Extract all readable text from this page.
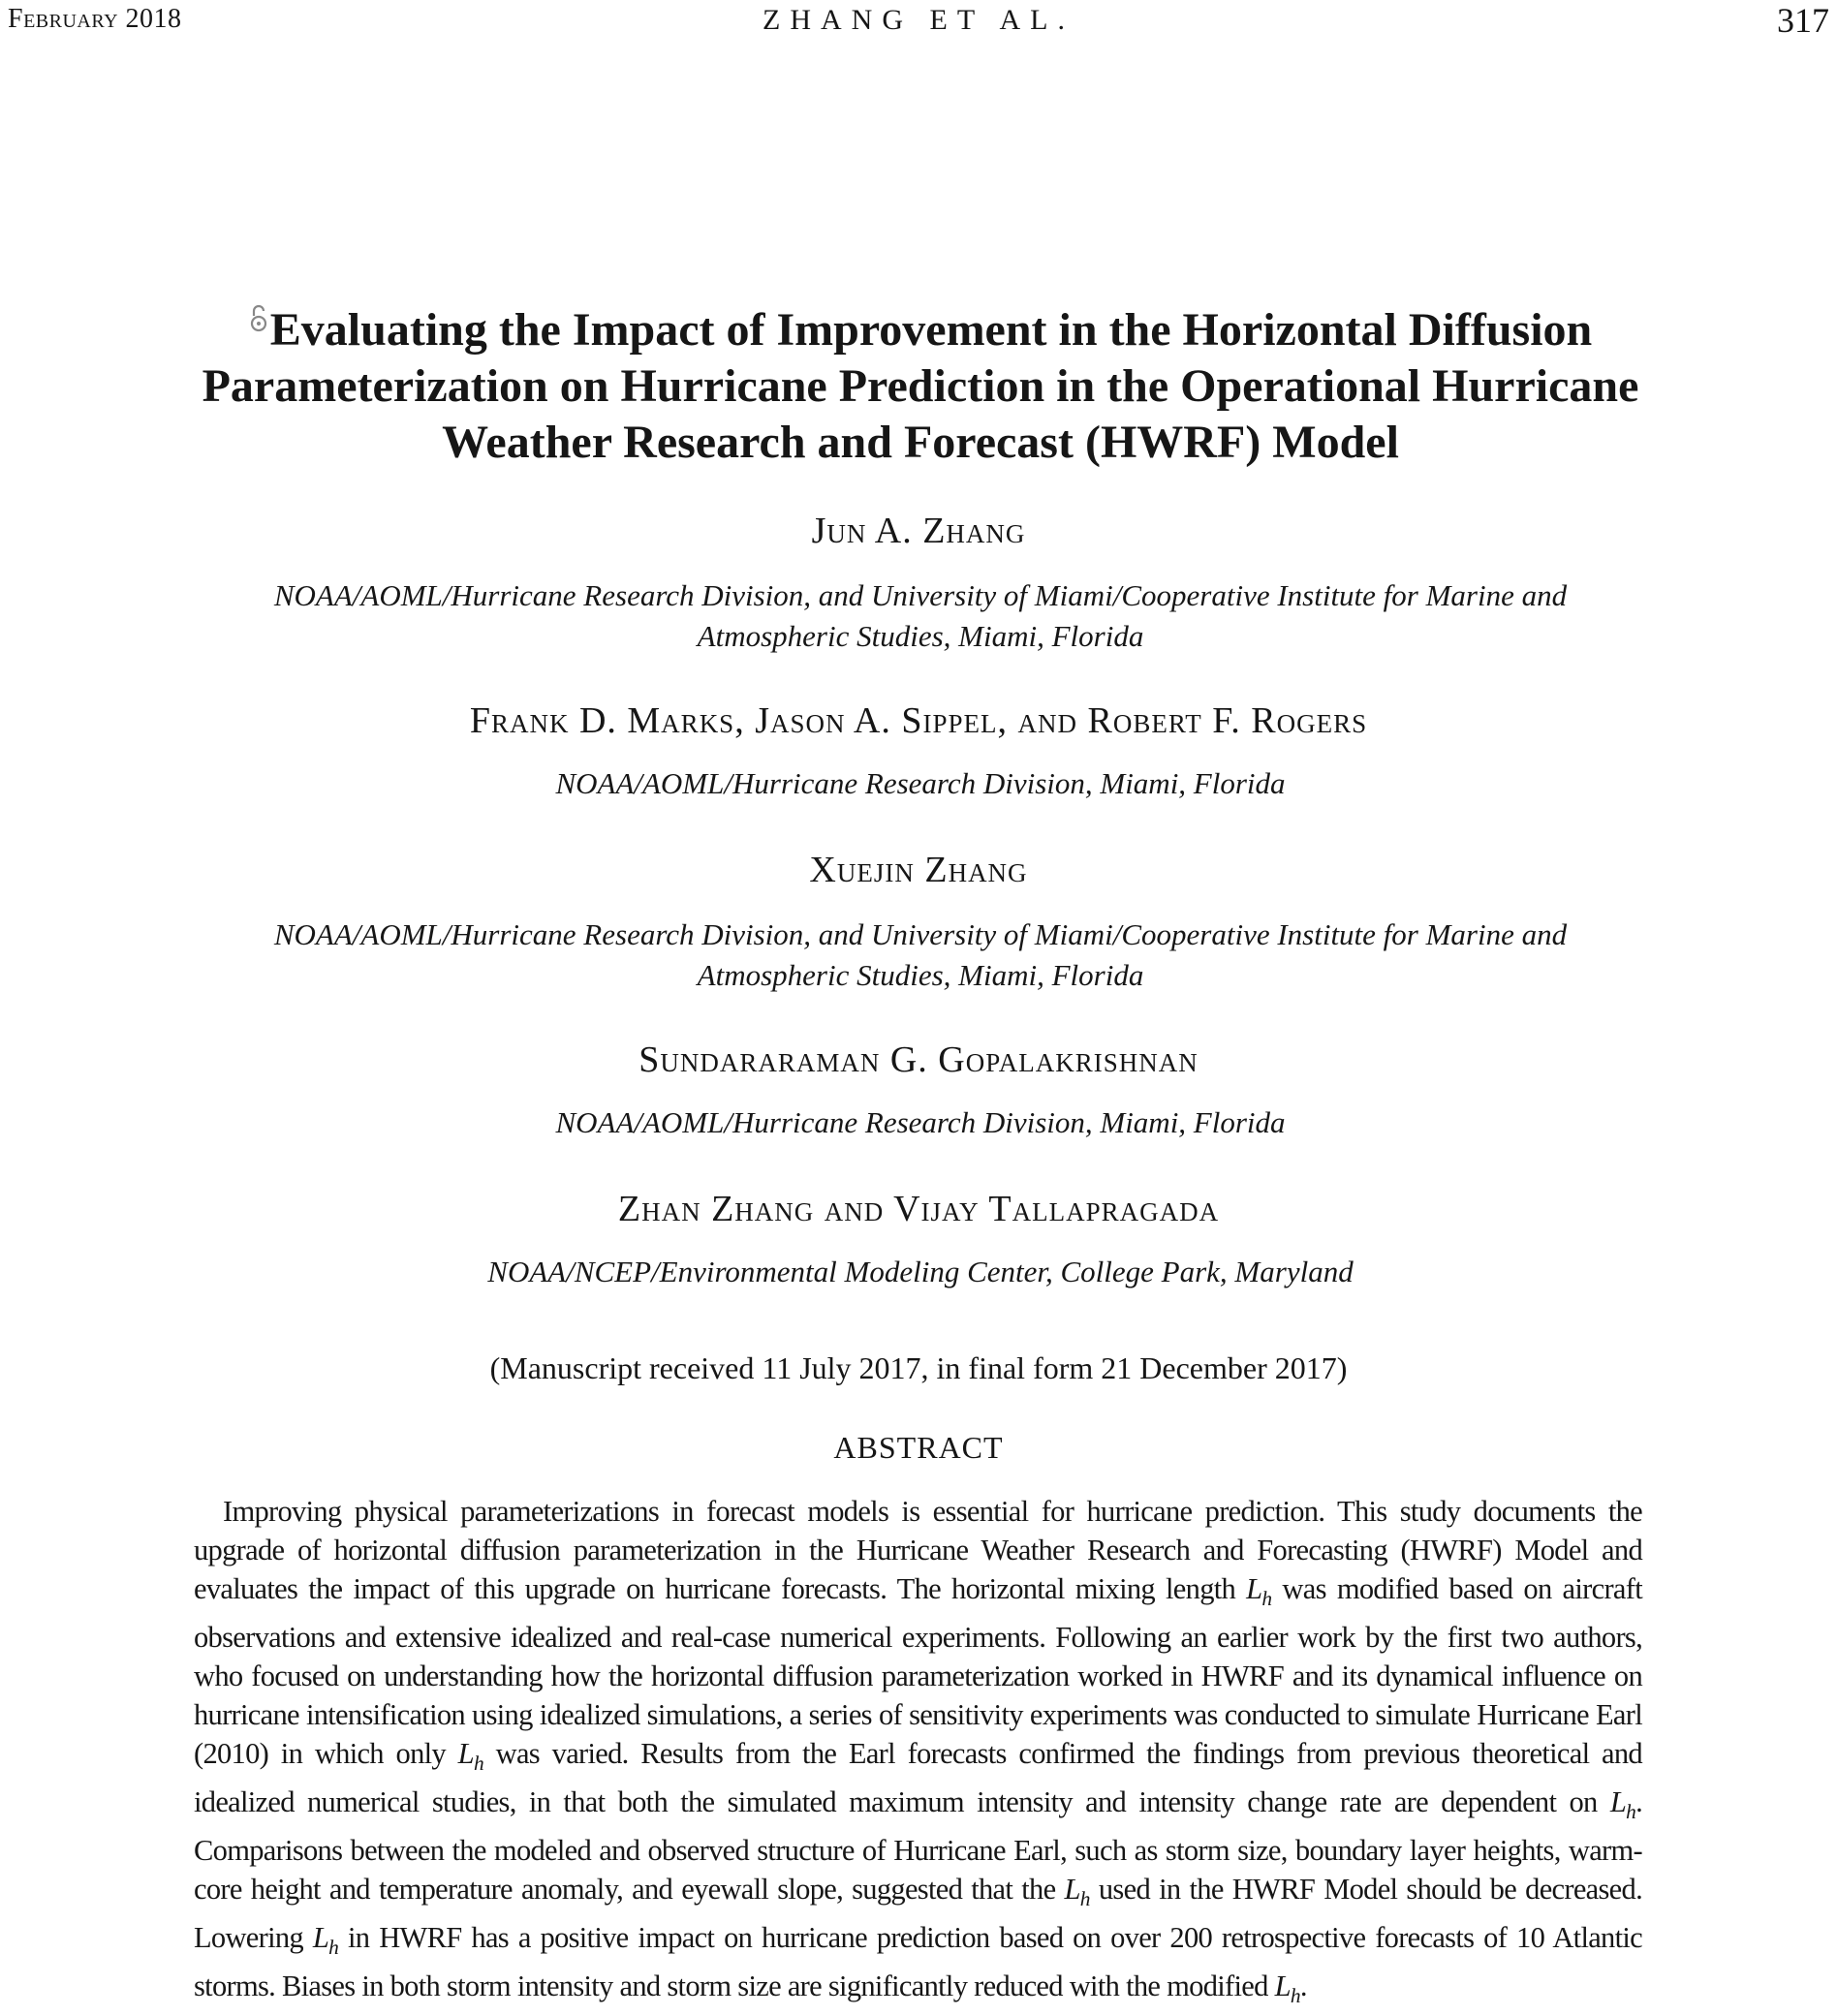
February 2018	ZHANG ET AL.	317
Evaluating the Impact of Improvement in the Horizontal Diffusion
Parameterization on Hurricane Prediction in the Operational Hurricane
Weather Research and Forecast (HWRF) Model
Jun A. Zhang
NOAA/AOML/Hurricane Research Division, and University of Miami/Cooperative Institute for Marine and
Atmospheric Studies, Miami, Florida
Frank D. Marks, Jason A. Sippel, and Robert F. Rogers
NOAA/AOML/Hurricane Research Division, Miami, Florida
Xuejin Zhang
NOAA/AOML/Hurricane Research Division, and University of Miami/Cooperative Institute for Marine and
Atmospheric Studies, Miami, Florida
Sundararaman G. Gopalakrishnan
NOAA/AOML/Hurricane Research Division, Miami, Florida
Zhan Zhang and Vijay Tallapragada
NOAA/NCEP/Environmental Modeling Center, College Park, Maryland
(Manuscript received 11 July 2017, in final form 21 December 2017)
ABSTRACT
Improving physical parameterizations in forecast models is essential for hurricane prediction. This study documents the upgrade of horizontal diffusion parameterization in the Hurricane Weather Research and Forecasting (HWRF) Model and evaluates the impact of this upgrade on hurricane forecasts. The horizontal mixing length $L_h$ was modified based on aircraft observations and extensive idealized and real-case numerical experiments. Following an earlier work by the first two authors, who focused on understanding how the horizontal diffusion parameterization worked in HWRF and its dynamical influence on hurricane intensification using idealized simulations, a series of sensitivity experiments was conducted to simulate Hurricane Earl (2010) in which only $L_h$ was varied. Results from the Earl forecasts confirmed the findings from previous theoretical and idealized numerical studies, in that both the simulated maximum intensity and intensity change rate are dependent on $L_h$. Comparisons between the modeled and observed structure of Hurricane Earl, such as storm size, boundary layer heights, warm-core height and temperature anomaly, and eyewall slope, suggested that the $L_h$ used in the HWRF Model should be decreased. Lowering $L_h$ in HWRF has a positive impact on hurricane prediction based on over 200 retrospective forecasts of 10 Atlantic storms. Biases in both storm intensity and storm size are significantly reduced with the modified $L_h$.
